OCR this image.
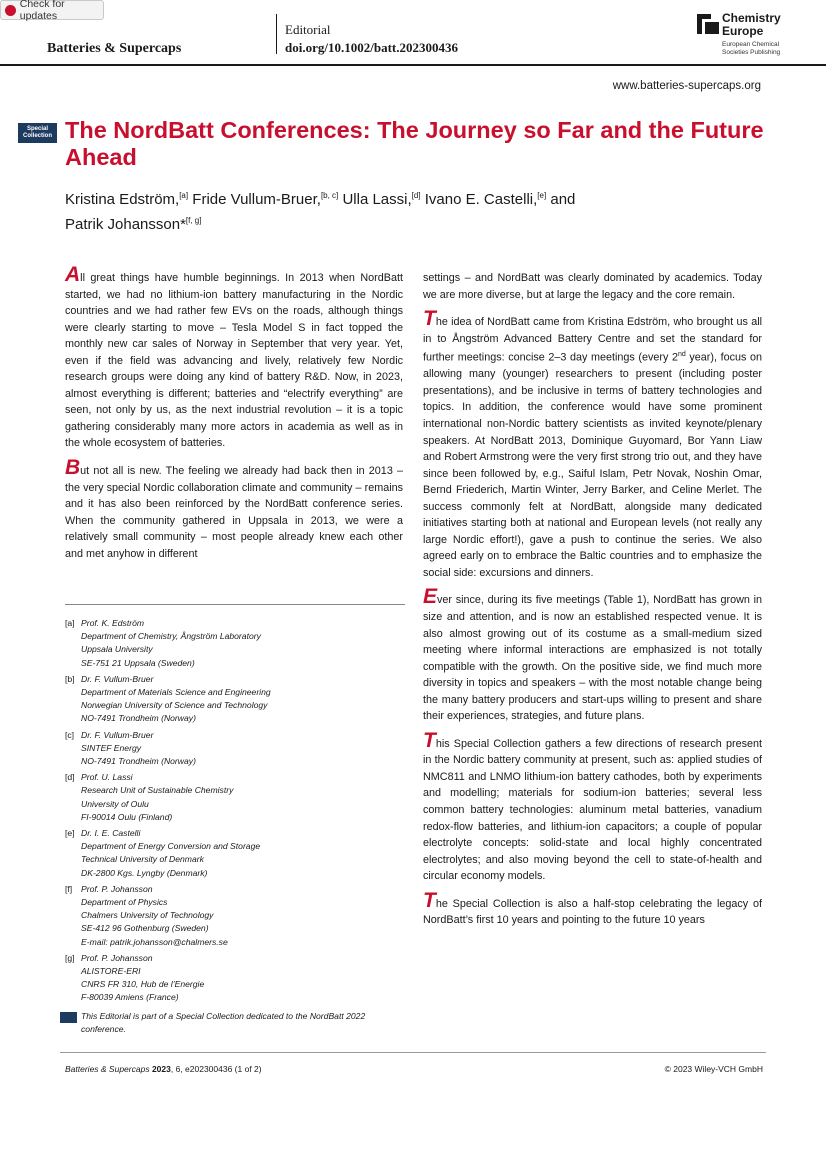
Check for updates
Batteries & Supercaps
Editorial
doi.org/10.1002/batt.202300436
Chemistry
Europe
European Chemical
Societies Publishing
www.batteries-supercaps.org
Special
Collection The NordBatt Conferences: The Journey so Far and the Future Ahead
Kristina Edström,[a] Fride Vullum-Bruer,[b, c] Ulla Lassi,[d] Ivano E. Castelli,[e] and
Patrik Johansson*[f, g]

All great things have humble beginnings. In 2013 when NordBatt started, we had no lithium-ion battery manufacturing in the Nordic countries and we had rather few EVs on the roads, although things were clearly starting to move – Tesla Model S in fact topped the monthly new car sales of Norway in September that very year. Yet, even if the field was advancing and lively, relatively few Nordic research groups were doing any kind of battery R&D. Now, in 2023, almost everything is different; batteries and “electrify everything” are seen, not only by us, as the next industrial revolution – it is a topic gathering considerably many more actors in academia as well as in the whole ecosystem of batteries.

But not all is new. The feeling we already had back then in 2013 – the very special Nordic collaboration climate and community – remains and it has also been reinforced by the NordBatt conference series. When the community gathered in Uppsala in 2013, we were a relatively small community – most people already knew each other and met anyhow in different

settings – and NordBatt was clearly dominated by academics. Today we are more diverse, but at large the legacy and the core remain.

The idea of NordBatt came from Kristina Edström, who brought us all in to Ångström Advanced Battery Centre and set the standard for further meetings: concise 2–3 day meetings (every 2nd year), focus on allowing many (younger) researchers to present (including poster presentations), and be inclusive in terms of battery technologies and topics. In addition, the conference would have some prominent international non-Nordic battery scientists as invited keynote/plenary speakers. At NordBatt 2013, Dominique Guyomard, Bor Yann Liaw and Robert Armstrong were the very first strong trio out, and they have since been followed by, e.g., Saiful Islam, Petr Novak, Noshin Omar, Bernd Friederich, Martin Winter, Jerry Barker, and Celine Merlet. The success commonly felt at NordBatt, alongside many dedicated initiatives starting both at national and European levels (not really any large Nordic effort!), gave a push to continue the series. We also agreed early on to embrace the Baltic countries and to emphasize the social side: excursions and dinners.

Ever since, during its five meetings (Table 1), NordBatt has grown in size and attention, and is now an established respected venue. It is also almost growing out of its costume as a small-medium sized meeting where informal interactions are emphasized is not totally compatible with the growth. On the positive side, we find much more diversity in topics and speakers – with the most notable change being the many battery producers and start-ups willing to present and share their experiences, strategies, and future plans.

This Special Collection gathers a few directions of research present in the Nordic battery community at present, such as: applied studies of NMC811 and LNMO lithium-ion battery cathodes, both by experiments and modelling; materials for sodium-ion batteries; several less common battery technologies: aluminum metal batteries, vanadium redox-flow batteries, and lithium-ion capacitors; a couple of popular electrolyte concepts: solid-state and local highly concentrated electrolytes; and also moving beyond the cell to state-of-health and circular economy models.

The Special Collection is also a half-stop celebrating the legacy of NordBatt’s first 10 years and pointing to the future 10 years

[a] Prof. K. Edström
Department of Chemistry, Ångström Laboratory
Uppsala University
SE-751 21 Uppsala (Sweden)
[b] Dr. F. Vullum-Bruer
Department of Materials Science and Engineering
Norwegian University of Science and Technology
NO-7491 Trondheim (Norway)
[c] Dr. F. Vullum-Bruer
SINTEF Energy
NO-7491 Trondheim (Norway)
[d] Prof. U. Lassi
Research Unit of Sustainable Chemistry
University of Oulu
FI-90014 Oulu (Finland)
[e] Dr. I. E. Castelli
Department of Energy Conversion and Storage
Technical University of Denmark
DK-2800 Kgs. Lyngby (Denmark)
[f] Prof. P. Johansson
Department of Physics
Chalmers University of Technology
SE-412 96 Gothenburg (Sweden)
E-mail: patrik.johansson@chalmers.se
[g] Prof. P. Johansson
ALISTORE-ERI
CNRS FR 310, Hub de l’Energie
F-80039 Amiens (France)
This Editorial is part of a Special Collection dedicated to the NordBatt 2022 conference.
Batteries & Supercaps 2023, 6, e202300436 (1 of 2)	© 2023 Wiley-VCH GmbH
